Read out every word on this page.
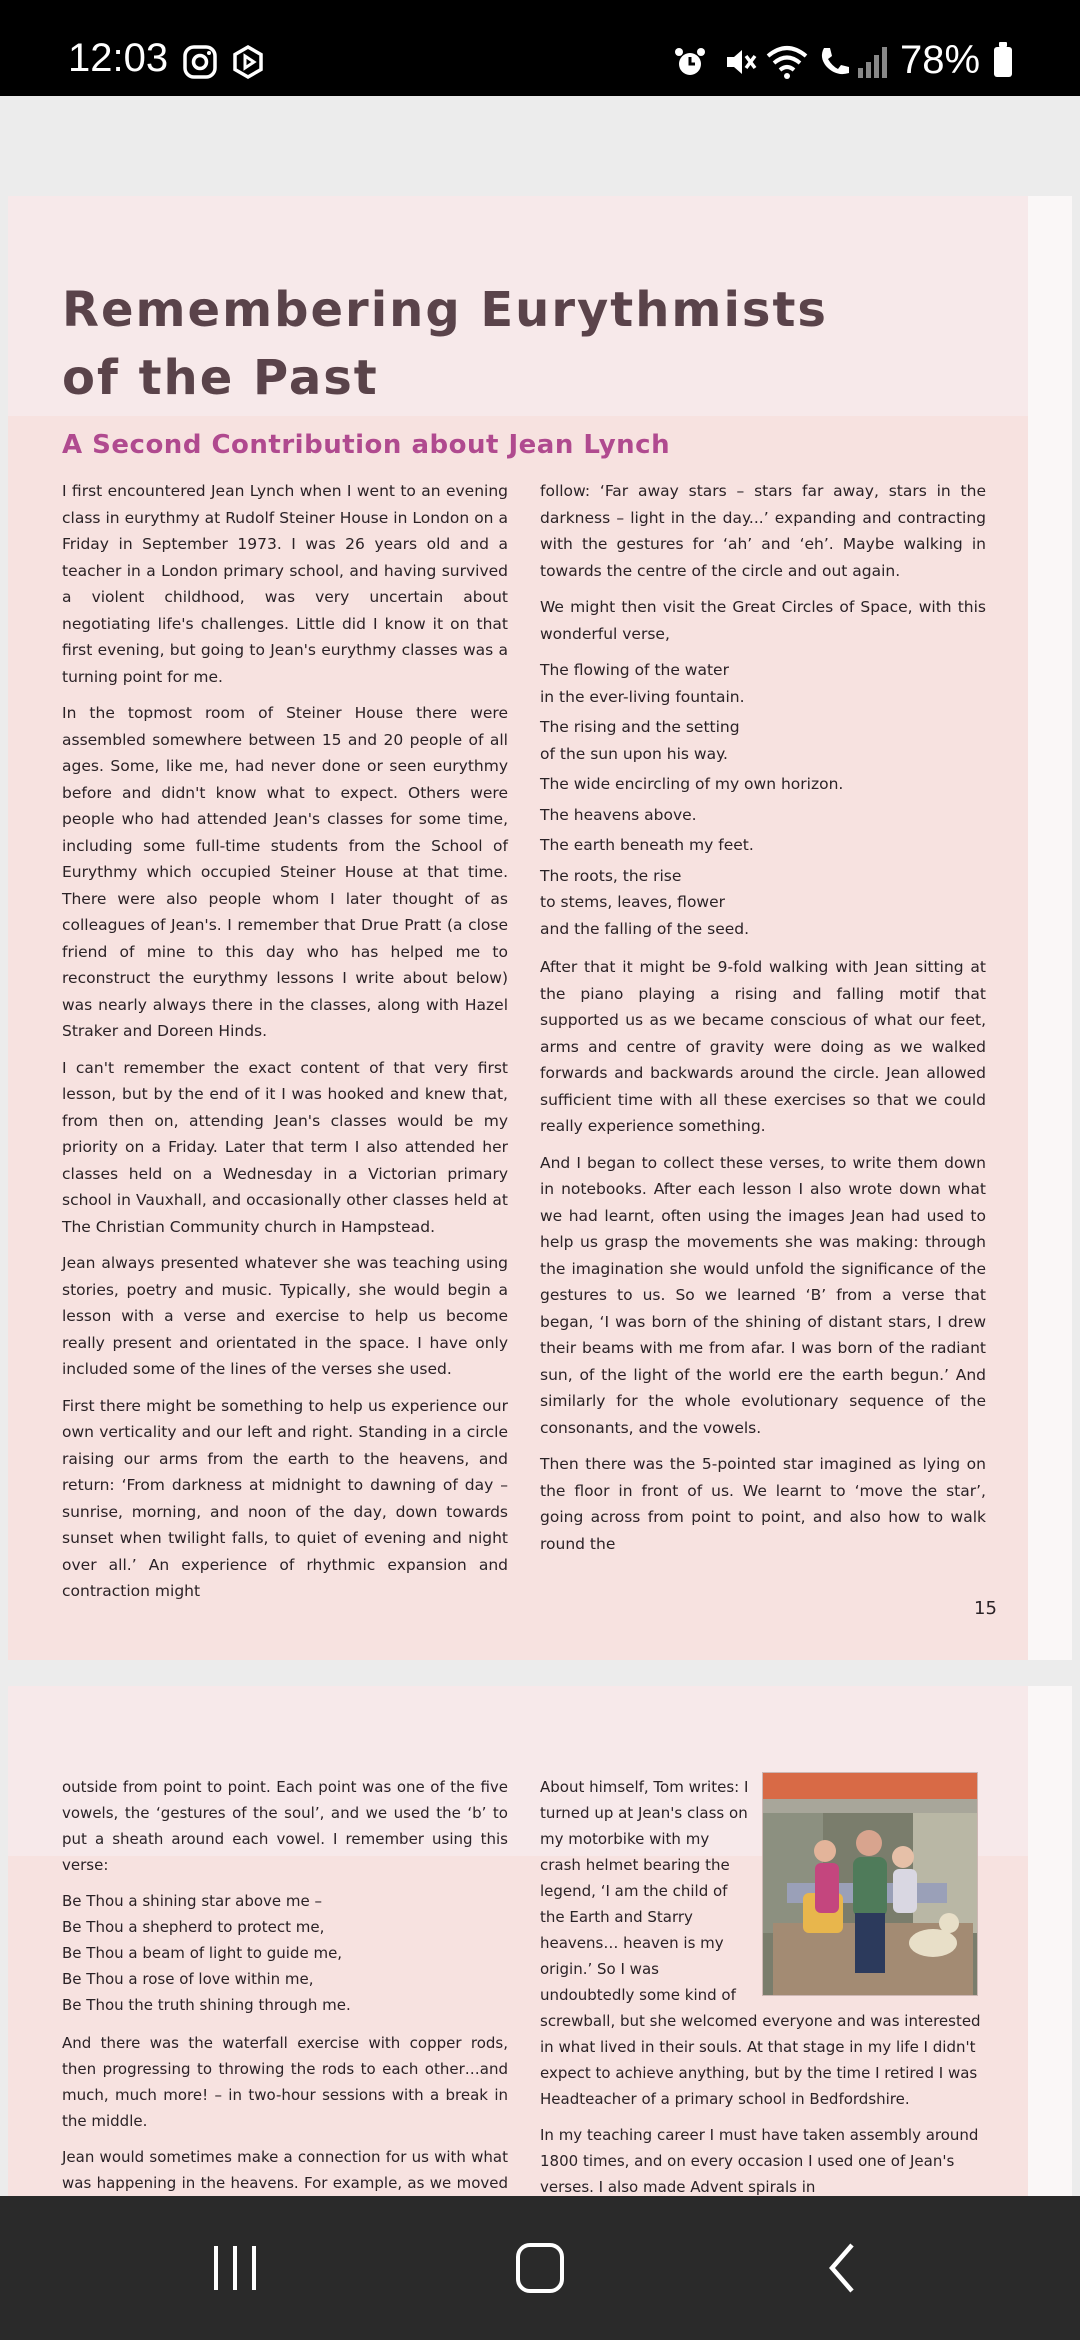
12:03	78%
Remembering Eurythmists
of the Past
A Second Contribution about Jean Lynch

I first encountered Jean Lynch when I went to an evening class in eurythmy at Rudolf Steiner House in London on a Friday in September 1973. I was 26 years old and a teacher in a London primary school, and having survived a violent childhood, was very uncertain about negotiating life's challenges. Little did I know it on that first evening, but going to Jean's eurythmy classes was a turning point for me.

In the topmost room of Steiner House there were assembled somewhere between 15 and 20 people of all ages. Some, like me, had never done or seen eurythmy before and didn't know what to expect. Others were people who had attended Jean's classes for some time, including some full-time students from the School of Eurythmy which occupied Steiner House at that time. There were also people whom I later thought of as colleagues of Jean's. I remember that Drue Pratt (a close friend of mine to this day who has helped me to reconstruct the eurythmy lessons I write about below) was nearly always there in the classes, along with Hazel Straker and Doreen Hinds.

I can't remember the exact content of that very first lesson, but by the end of it I was hooked and knew that, from then on, attending Jean's classes would be my priority on a Friday. Later that term I also attended her classes held on a Wednesday in a Victorian primary school in Vauxhall, and occasionally other classes held at The Christian Community church in Hampstead.

Jean always presented whatever she was teaching using stories, poetry and music. Typically, she would begin a lesson with a verse and exercise to help us become really present and orientated in the space. I have only included some of the lines of the verses she used.

First there might be something to help us experience our own verticality and our left and right. Standing in a circle raising our arms from the earth to the heavens, and return: ‘From darkness at midnight to dawning of day – sunrise, morning, and noon of the day, down towards sunset when twilight falls, to quiet of evening and night over all.’ An experience of rhythmic expansion and contraction might

follow: ‘Far away stars – stars far away, stars in the darkness – light in the day...’ expanding and contracting with the gestures for ‘ah’ and ‘eh’. Maybe walking in towards the centre of the circle and out again.

We might then visit the Great Circles of Space, with this wonderful verse,

The flowing of the water

in the ever-living fountain.

The rising and the setting

of the sun upon his way.

The wide encircling of my own horizon.

The heavens above.

The earth beneath my feet.

The roots, the rise

to stems, leaves, flower

and the falling of the seed.

After that it might be 9-fold walking with Jean sitting at the piano playing a rising and falling motif that supported us as we became conscious of what our feet, arms and centre of gravity were doing as we walked forwards and backwards around the circle. Jean allowed sufficient time with all these exercises so that we could really experience something.

And I began to collect these verses, to write them down in notebooks. After each lesson I also wrote down what we had learnt, often using the images Jean had used to help us grasp the movements she was making: through the imagination she would unfold the significance of the gestures to us. So we learned ‘B’ from a verse that began, ‘I was born of the shining of distant stars, I drew their beams with me from afar. I was born of the radiant sun, of the light of the world ere the earth begun.’ And similarly for the whole evolutionary sequence of the consonants, and the vowels.

Then there was the 5-pointed star imagined as lying on the floor in front of us. We learnt to ‘move the star’, going across from point to point, and also how to walk round the

15

outside from point to point. Each point was one of the five vowels, the ‘gestures of the soul’, and we used the ‘b’ to put a sheath around each vowel. I remember using this verse:

Be Thou a shining star above me –

Be Thou a shepherd to protect me,

Be Thou a beam of light to guide me,

Be Thou a rose of love within me,

Be Thou the truth shining through me.

And there was the waterfall exercise with copper rods, then progressing to throwing the rods to each other…and much, much more! – in two-hour sessions with a break in the middle.

Jean would sometimes make a connection for us with what was happening in the heavens. For example, as we moved

About himself, Tom writes: I turned up at Jean's class on my motorbike with my crash helmet bearing the legend, ‘I am the child of the Earth and Starry heavens… heaven is my origin.’ So I was undoubtedly some kind of

screwball, but she welcomed everyone and was interested in what lived in their souls. At that stage in my life I didn't expect to achieve anything, but by the time I retired I was Headteacher of a primary school in Bedfordshire.

In my teaching career I must have taken assembly around 1800 times, and on every occasion I used one of Jean's verses. I also made Advent spirals in
